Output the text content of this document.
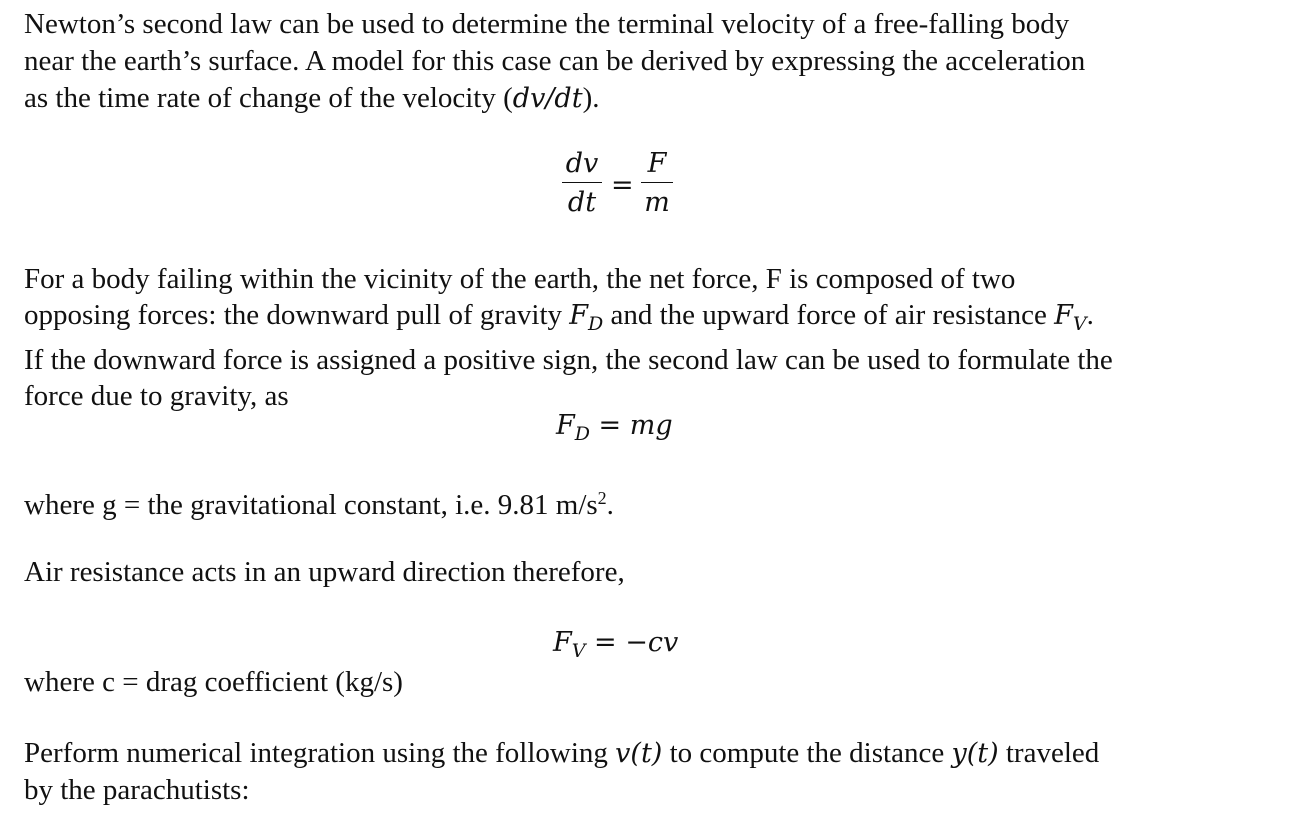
Newton’s second law can be used to determine the terminal velocity of a free-falling body
near the earth’s surface. A model for this case can be derived by expressing the acceleration
as the time rate of change of the velocity (dv/dt).
dv
dt
=
F
m
For a body failing within the vicinity of the earth, the net force, F is composed of two
opposing forces: the downward pull of gravity $F_D$ and the upward force of air resistance $F_V$.
If the downward force is assigned a positive sign, the second law can be used to formulate the
force due to gravity, as
$F_D$ = mg
where g = the gravitational constant, i.e. 9.81 $m/s^2$.
Air resistance acts in an upward direction therefore,
$F_V = -cv$
where c = drag coefficient (kg/s)
Perform numerical integration using the following v(t) to compute the distance y(t) traveled
by the parachutists:
